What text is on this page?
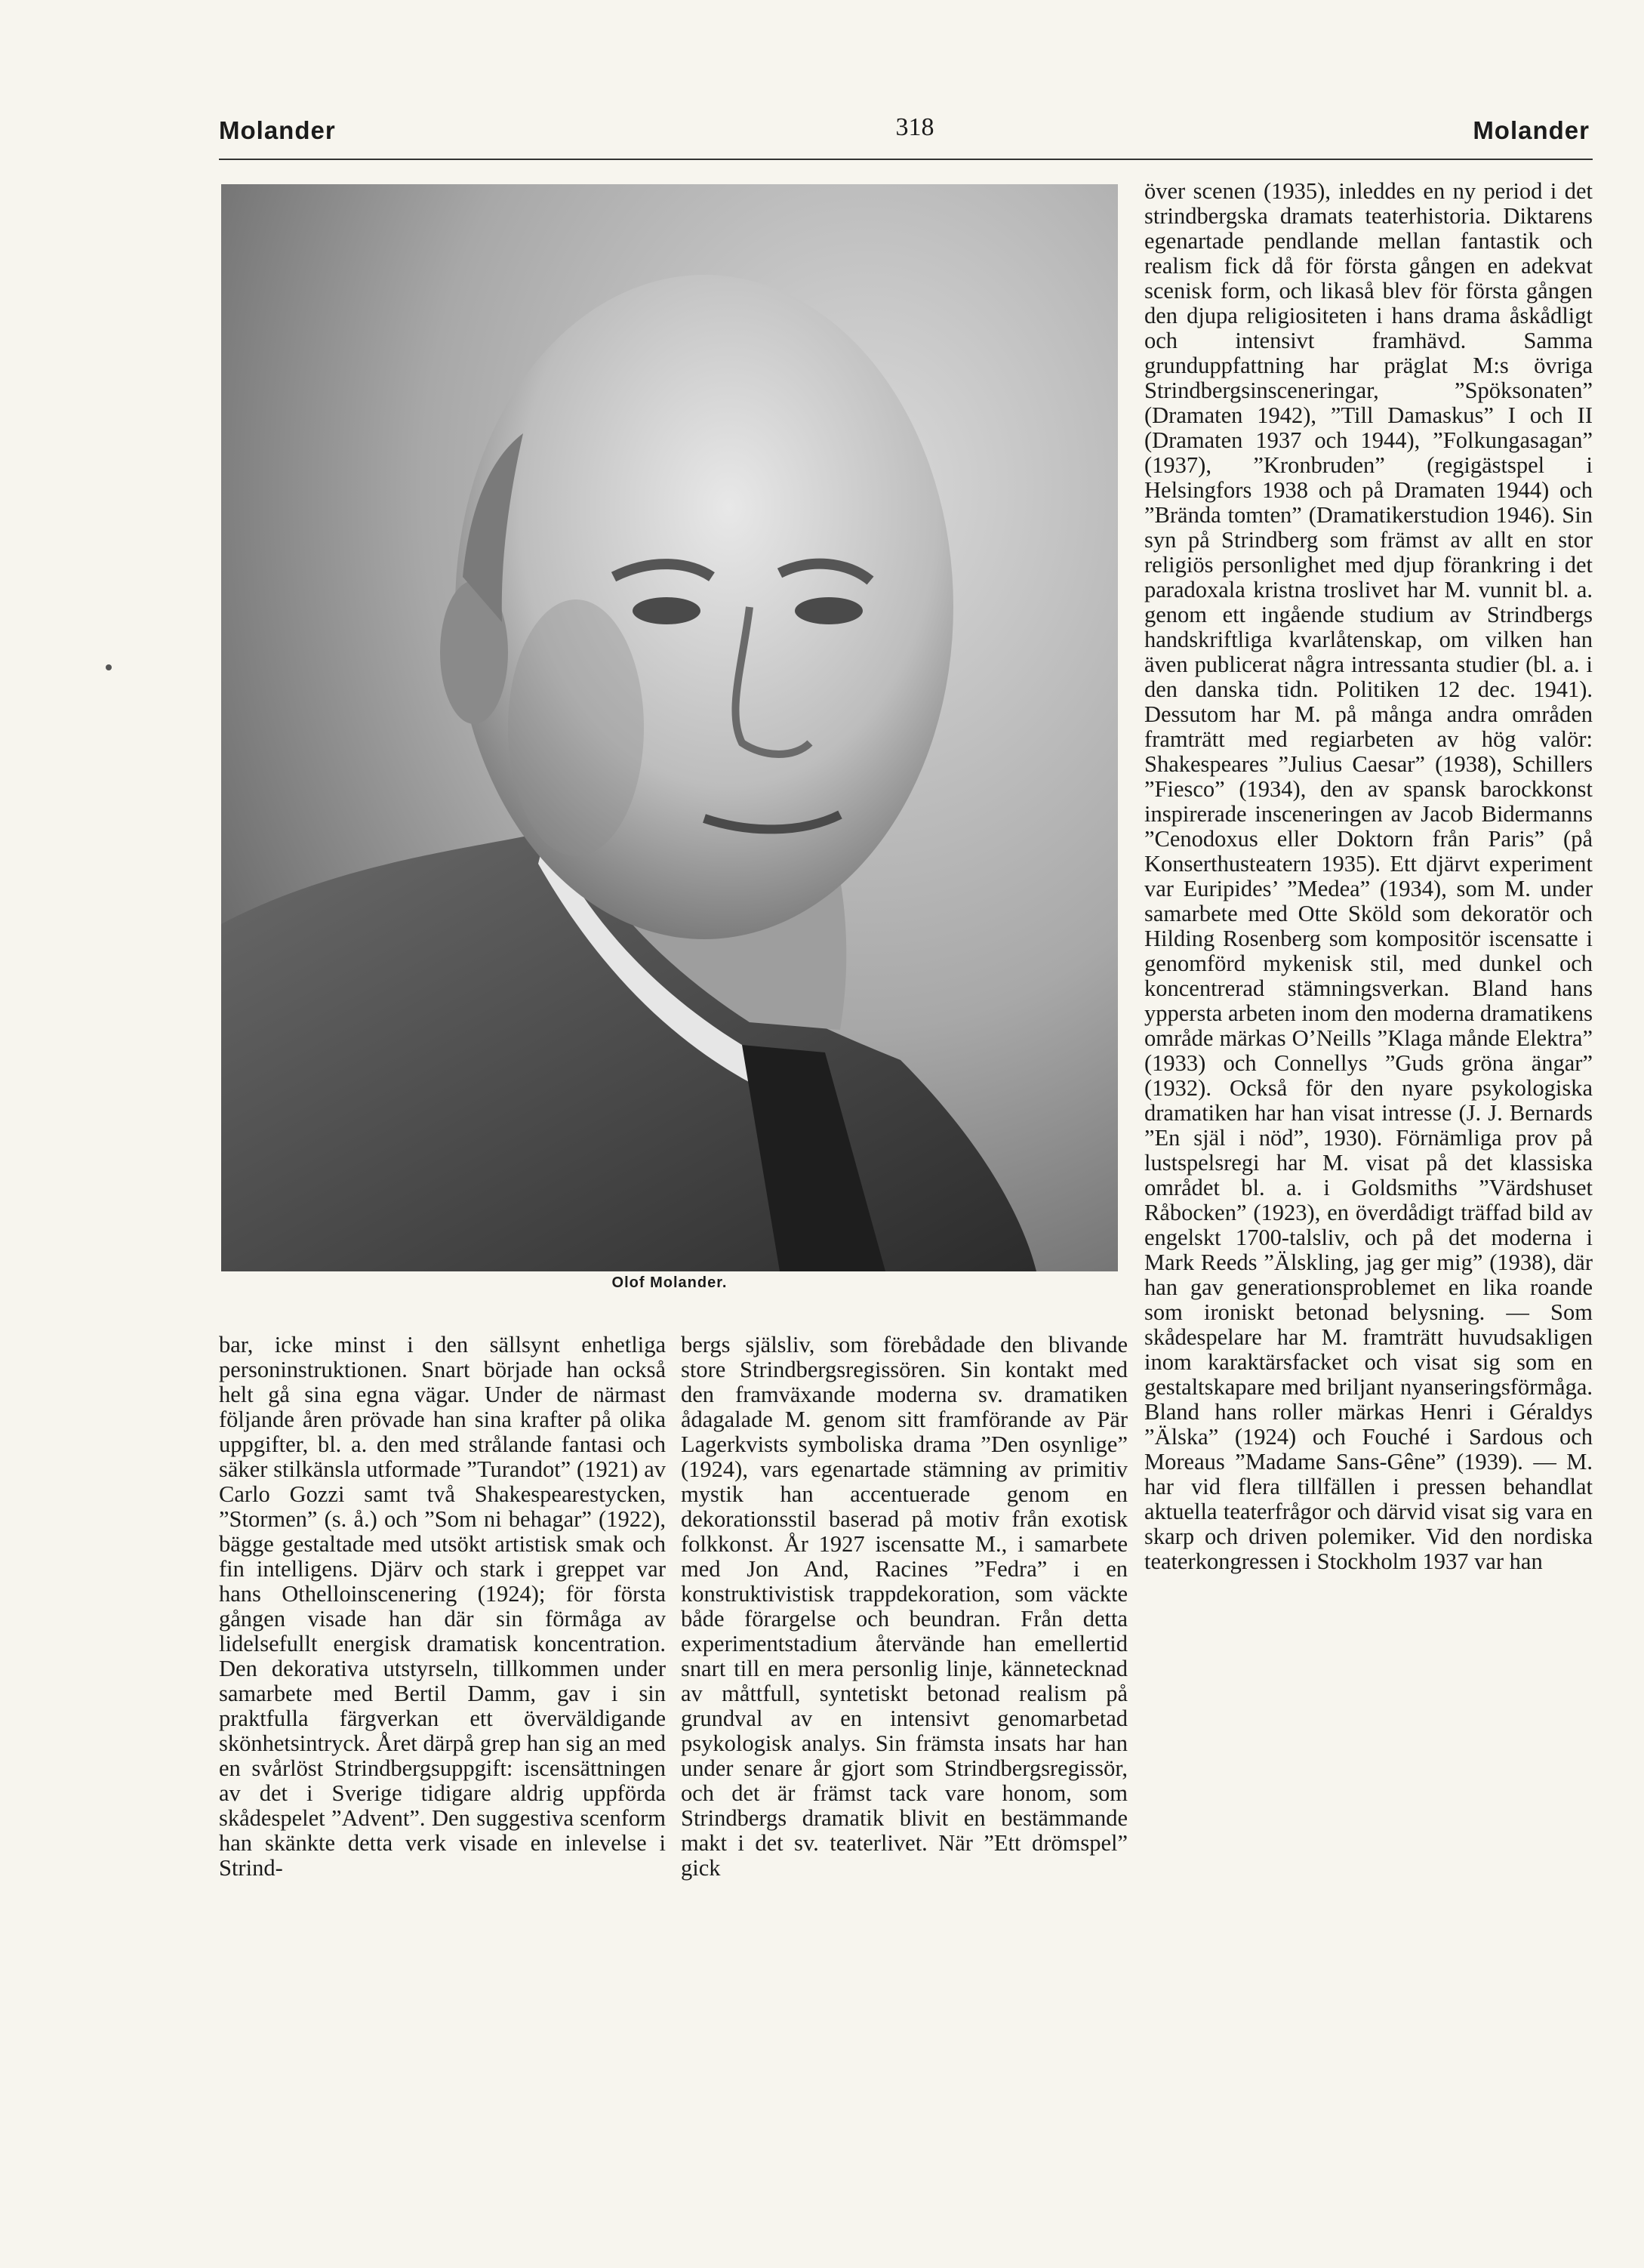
Molander	318	Molander
Olof Molander.

bar, icke minst i den sällsynt enhetliga personinstruktionen. Snart började han också helt gå sina egna vägar. Under de närmast följande åren prövade han sina krafter på olika uppgifter, bl. a. den med strålande fantasi och säker stilkänsla utformade ”Turandot” (1921) av Carlo Gozzi samt två Shakespearestycken, ”Stormen” (s. å.) och ”Som ni behagar” (1922), bägge gestaltade med utsökt artistisk smak och fin intelligens. Djärv och stark i greppet var hans Othelloinscenering (1924); för första gången visade han där sin förmåga av lidelsefullt energisk dramatisk koncentration. Den dekorativa utstyrseln, tillkommen under samarbete med Bertil Damm, gav i sin praktfulla färgverkan ett överväldigande skönhetsintryck. Året därpå grep han sig an med en svårlöst Strindbergsuppgift: iscensättningen av det i Sverige tidigare aldrig uppförda skådespelet ”Advent”. Den suggestiva scenform han skänkte detta verk visade en inlevelse i Strind-

bergs själsliv, som förebådade den blivande store Strindbergsregissören. Sin kontakt med den framväxande moderna sv. dramatiken ådagalade M. genom sitt framförande av Pär Lagerkvists symboliska drama ”Den osynlige” (1924), vars egenartade stämning av primitiv mystik han accentuerade genom en dekorationsstil baserad på motiv från exotisk folkkonst. År 1927 iscensatte M., i samarbete med Jon And, Racines ”Fedra” i en konstruktivistisk trappdekoration, som väckte både förargelse och beundran. Från detta experimentstadium återvände han emellertid snart till en mera personlig linje, kännetecknad av måttfull, syntetiskt betonad realism på grundval av en intensivt genomarbetad psykologisk analys. Sin främsta insats har han under senare år gjort som Strindbergsregissör, och det är främst tack vare honom, som Strindbergs dramatik blivit en bestämmande makt i det sv. teaterlivet. När ”Ett drömspel” gick

över scenen (1935), inleddes en ny period i det strindbergska dramats teaterhistoria. Diktarens egenartade pendlande mellan fantastik och realism fick då för första gången en adekvat scenisk form, och likaså blev för första gången den djupa religiositeten i hans drama åskådligt och intensivt framhävd. Samma grunduppfattning har präglat M:s övriga Strindbergsinsceneringar, ”Spöksonaten” (Dramaten 1942), ”Till Damaskus” I och II (Dramaten 1937 och 1944), ”Folkungasagan” (1937), ”Kronbruden” (regigästspel i Helsingfors 1938 och på Dramaten 1944) och ”Brända tomten” (Dramatikerstudion 1946). Sin syn på Strindberg som främst av allt en stor religiös personlighet med djup förankring i det paradoxala kristna troslivet har M. vunnit bl. a. genom ett ingående studium av Strindbergs handskriftliga kvarlåtenskap, om vilken han även publicerat några intressanta studier (bl. a. i den danska tidn. Politiken 12 dec. 1941). Dessutom har M. på många andra områden framträtt med regiarbeten av hög valör: Shakespeares ”Julius Caesar” (1938), Schillers ”Fiesco” (1934), den av spansk barockkonst inspirerade insceneringen av Jacob Bidermanns ”Cenodoxus eller Doktorn från Paris” (på Konserthusteatern 1935). Ett djärvt experiment var Euripides’ ”Medea” (1934), som M. under samarbete med Otte Sköld som dekoratör och Hilding Rosenberg som kompositör iscensatte i genomförd mykenisk stil, med dunkel och koncentrerad stämningsverkan. Bland hans yppersta arbeten inom den moderna dramatikens område märkas O’Neills ”Klaga månde Elektra” (1933) och Connellys ”Guds gröna ängar” (1932). Också för den nyare psykologiska dramatiken har han visat intresse (J. J. Bernards ”En själ i nöd”, 1930). Förnämliga prov på lustspelsregi har M. visat på det klassiska området bl. a. i Goldsmiths ”Värdshuset Råbocken” (1923), en överdådigt träffad bild av engelskt 1700-talsliv, och på det moderna i Mark Reeds ”Älskling, jag ger mig” (1938), där han gav generationsproblemet en lika roande som ironiskt betonad belysning. — Som skådespelare har M. framträtt huvudsakligen inom karaktärsfacket och visat sig som en gestaltskapare med briljant nyanseringsförmåga. Bland hans roller märkas Henri i Géraldys ”Älska” (1924) och Fouché i Sardous och Moreaus ”Madame Sans-Gêne” (1939). — M. har vid flera tillfällen i pressen behandlat aktuella teaterfrågor och därvid visat sig vara en skarp och driven polemiker. Vid den nordiska teaterkongressen i Stockholm 1937 var han
